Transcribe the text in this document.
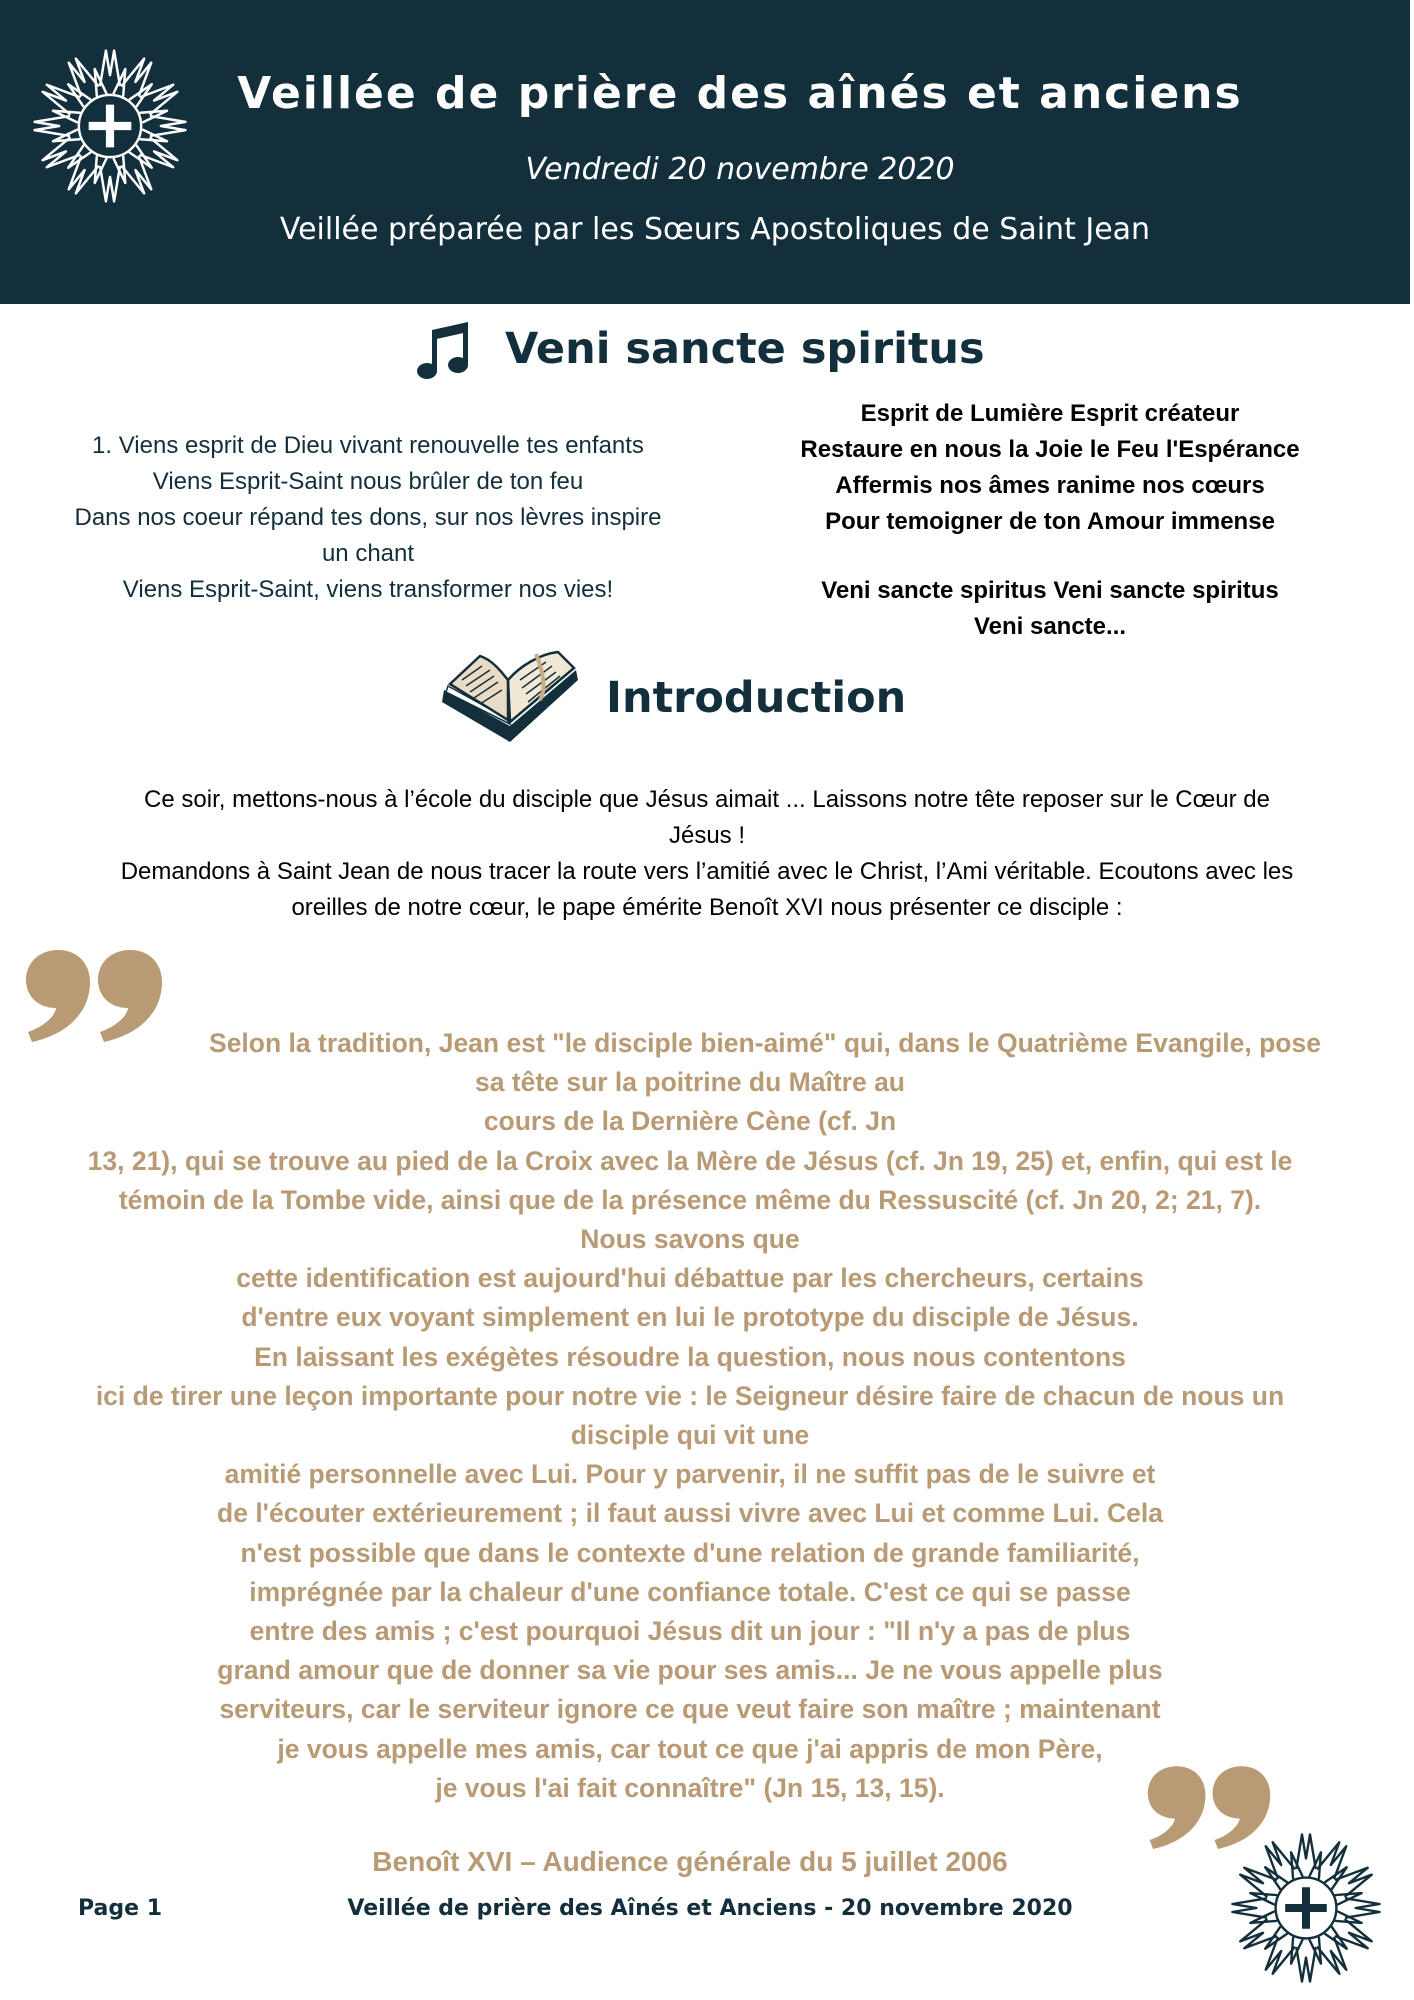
Veillée de prière des aînés et anciens
Vendredi 20 novembre 2020
Veillée préparée par les Sœurs Apostoliques de Saint Jean
Veni sancte spiritus
1. Viens esprit de Dieu vivant renouvelle tes enfants
Viens Esprit-Saint nous brûler de ton feu
Dans nos coeur répand tes dons, sur nos lèvres inspire
un chant
Viens Esprit-Saint, viens transformer nos vies!
Esprit de Lumière Esprit créateur
Restaure en nous la Joie le Feu l'Espérance
Affermis nos âmes ranime nos cœurs
Pour temoigner de ton Amour immense
Veni sancte spiritus Veni sancte spiritus
Veni sancte...
Introduction
Ce soir, mettons-nous à l’école du disciple que Jésus aimait ... Laissons notre tête reposer sur le Cœur de
Jésus !
Demandons à Saint Jean de nous tracer la route vers l’amitié avec le Christ, l’Ami véritable. Ecoutons avec les
oreilles de notre cœur, le pape émérite Benoît XVI nous présenter ce disciple :
Selon la tradition, Jean est "le disciple bien-aimé" qui, dans le Quatrième Evangile, pose
sa tête sur la poitrine du Maître au
cours de la Dernière Cène (cf. Jn
13, 21), qui se trouve au pied de la Croix avec la Mère de Jésus (cf. Jn 19, 25) et, enfin, qui est le
témoin de la Tombe vide, ainsi que de la présence même du Ressuscité (cf. Jn 20, 2; 21, 7).
Nous savons que
cette identification est aujourd'hui débattue par les chercheurs, certains
d'entre eux voyant simplement en lui le prototype du disciple de Jésus.
En laissant les exégètes résoudre la question, nous nous contentons
ici de tirer une leçon importante pour notre vie : le Seigneur désire faire de chacun de nous un
disciple qui vit une
amitié personnelle avec Lui. Pour y parvenir, il ne suffit pas de le suivre et
de l'écouter extérieurement ; il faut aussi vivre avec Lui et comme Lui. Cela
n'est possible que dans le contexte d'une relation de grande familiarité,
imprégnée par la chaleur d'une confiance totale. C'est ce qui se passe
entre des amis ; c'est pourquoi Jésus dit un jour : "Il n'y a pas de plus
grand amour que de donner sa vie pour ses amis... Je ne vous appelle plus
serviteurs, car le serviteur ignore ce que veut faire son maître ; maintenant
je vous appelle mes amis, car tout ce que j'ai appris de mon Père,
je vous l'ai fait connaître" (Jn 15, 13, 15).
Benoît XVI – Audience générale du 5 juillet 2006
Page 1	Veillée de prière des Aînés et Anciens - 20 novembre 2020
